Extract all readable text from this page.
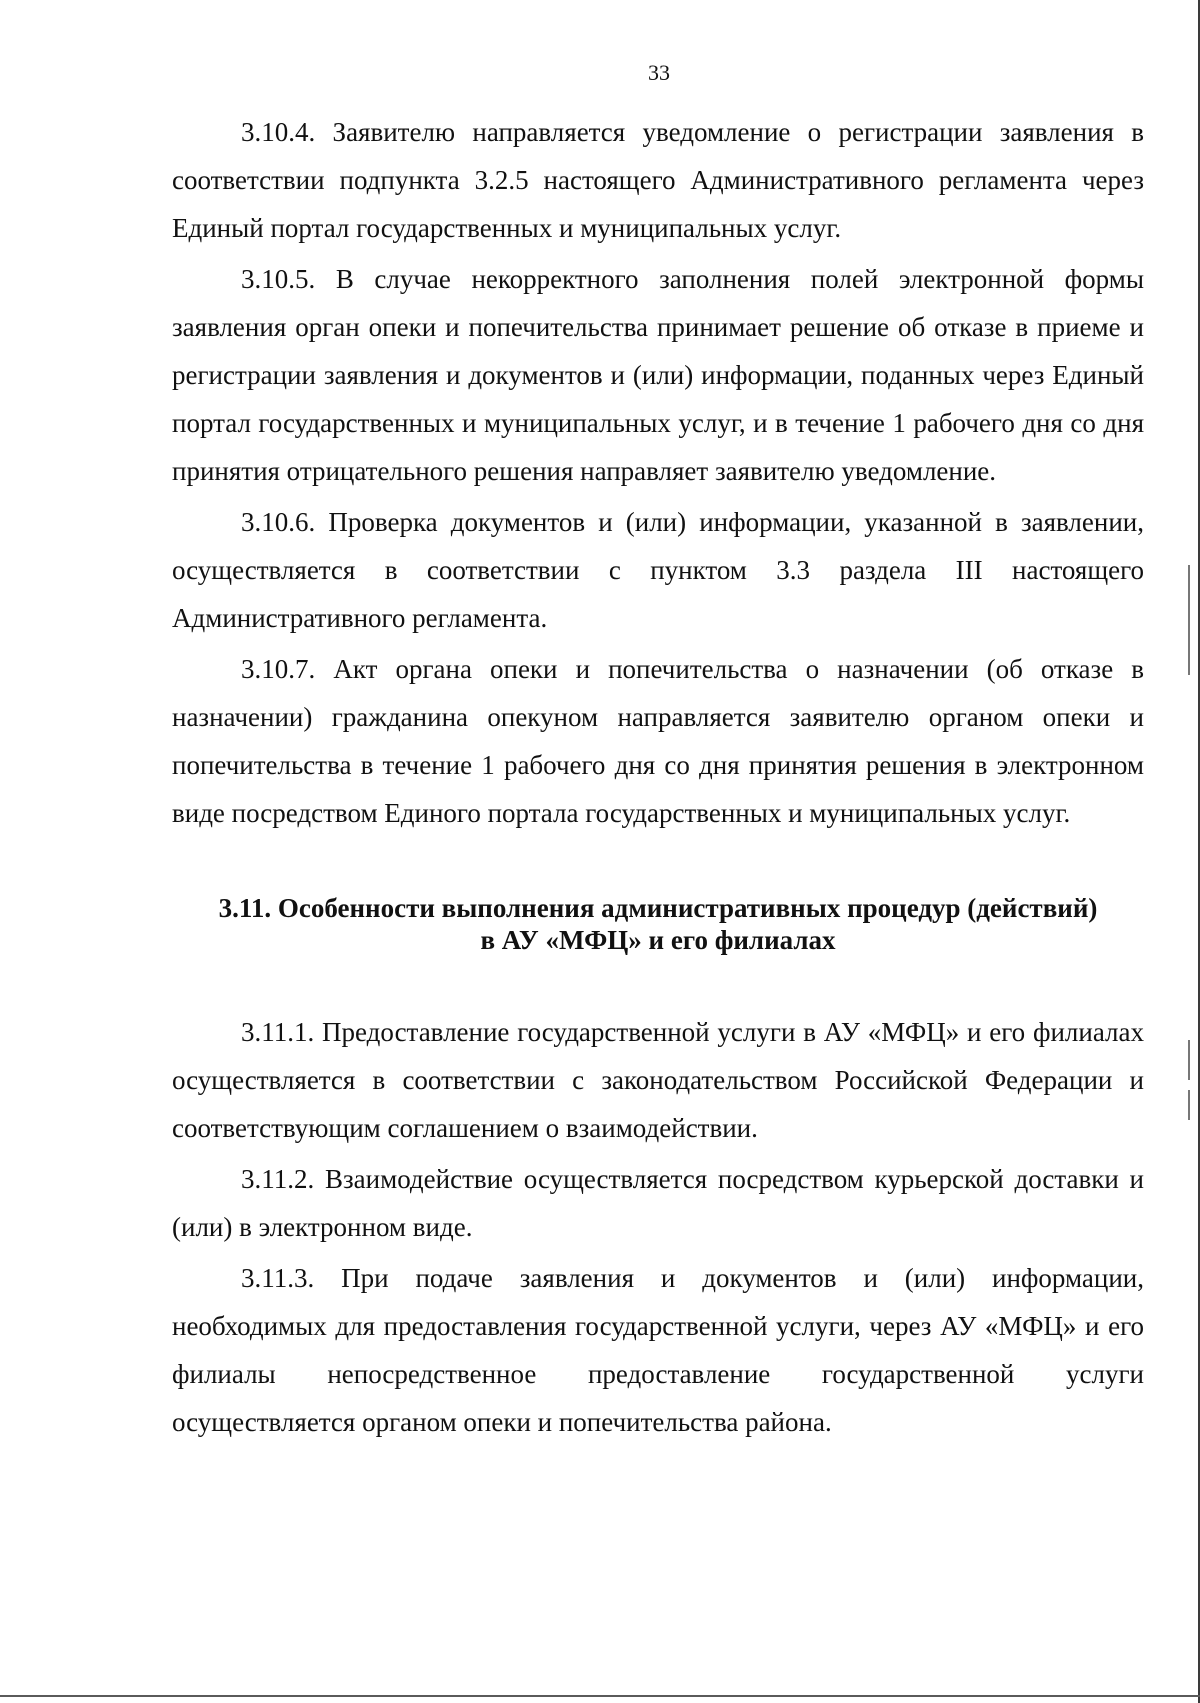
33

3.10.4. Заявителю направляется уведомление о регистрации заявления в соответствии подпункта 3.2.5 настоящего Административного регламента через Единый портал государственных и муниципальных услуг.

3.10.5. В случае некорректного заполнения полей электронной формы заявления орган опеки и попечительства принимает решение об отказе в приеме и регистрации заявления и документов и (или) информации, поданных через Единый портал государственных и муниципальных услуг, и в течение 1 рабочего дня со дня принятия отрицательного решения направляет заявителю уведомление.

3.10.6. Проверка документов и (или) информации, указанной в заявлении, осуществляется в соответствии с пунктом 3.3 раздела III настоящего Административного регламента.

3.10.7. Акт органа опеки и попечительства о назначении (об отказе в назначении) гражданина опекуном направляется заявителю органом опеки и попечительства в течение 1 рабочего дня со дня принятия решения в электронном виде посредством Единого портала государственных и муниципальных услуг.

3.11. Особенности выполнения административных процедур (действий)
в АУ «МФЦ» и его филиалах

3.11.1. Предоставление государственной услуги в АУ «МФЦ» и его филиалах осуществляется в соответствии с законодательством Российской Федерации и соответствующим соглашением о взаимодействии.

3.11.2. Взаимодействие осуществляется посредством курьерской доставки и (или) в электронном виде.

3.11.3. При подаче заявления и документов и (или) информации, необходимых для предоставления государственной услуги, через АУ «МФЦ» и его филиалы непосредственное предоставление государственной услуги осуществляется органом опеки и попечительства района.
